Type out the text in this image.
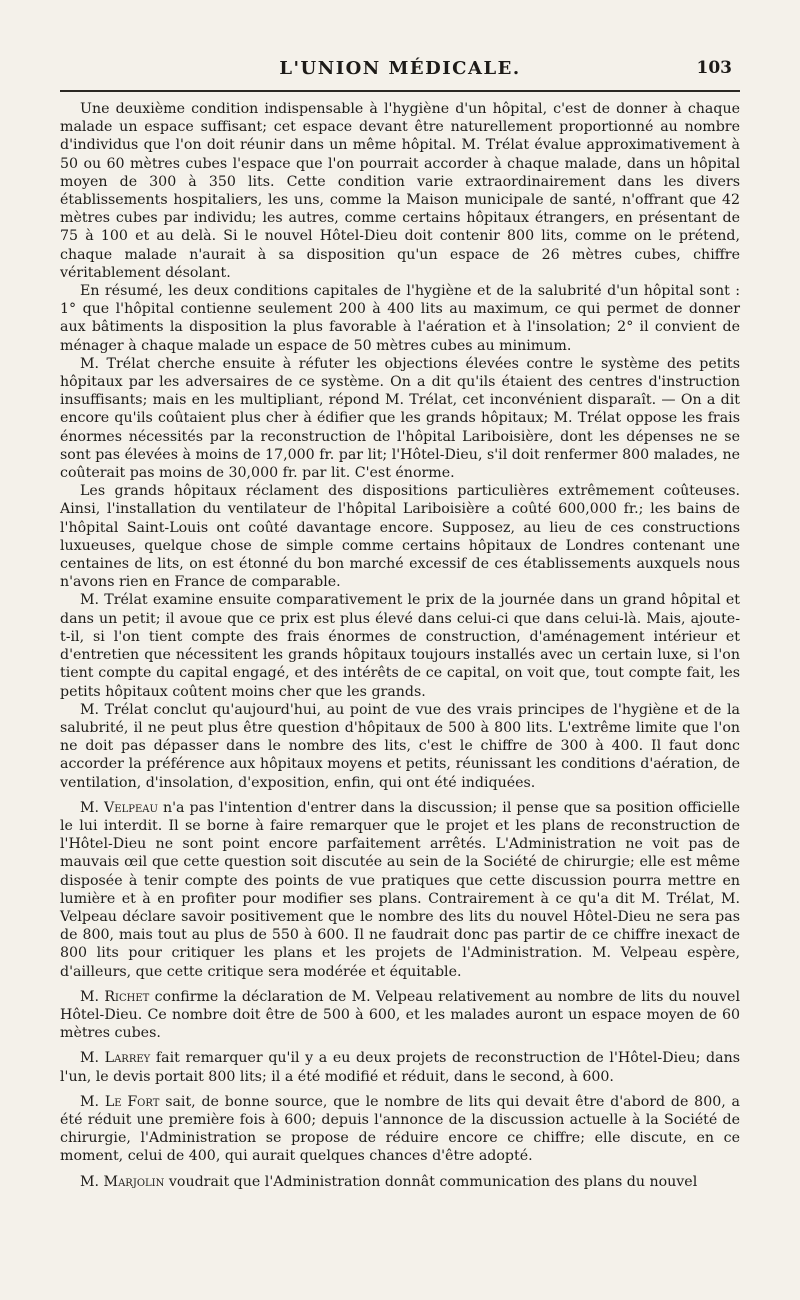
L'UNION MÉDICALE.	103

Une deuxième condition indispensable à l'hygiène d'un hôpital, c'est de donner à chaque malade un espace suffisant; cet espace devant être naturellement proportionné au nombre d'individus que l'on doit réunir dans un même hôpital. M. Trélat évalue approximativement à 50 ou 60 mètres cubes l'espace que l'on pourrait accorder à chaque malade, dans un hôpital moyen de 300 à 350 lits. Cette condition varie extraordinairement dans les divers établissements hospitaliers, les uns, comme la Maison municipale de santé, n'offrant que 42 mètres cubes par individu; les autres, comme certains hôpitaux étrangers, en présentant de 75 à 100 et au delà. Si le nouvel Hôtel-Dieu doit contenir 800 lits, comme on le prétend, chaque malade n'aurait à sa disposition qu'un espace de 26 mètres cubes, chiffre véritablement désolant.

En résumé, les deux conditions capitales de l'hygiène et de la salubrité d'un hôpital sont : 1° que l'hôpital contienne seulement 200 à 400 lits au maximum, ce qui permet de donner aux bâtiments la disposition la plus favorable à l'aération et à l'insolation; 2° il convient de ménager à chaque malade un espace de 50 mètres cubes au minimum.

M. Trélat cherche ensuite à réfuter les objections élevées contre le système des petits hôpitaux par les adversaires de ce système. On a dit qu'ils étaient des centres d'instruction insuffisants; mais en les multipliant, répond M. Trélat, cet inconvénient disparaît. — On a dit encore qu'ils coûtaient plus cher à édifier que les grands hôpitaux; M. Trélat oppose les frais énormes nécessités par la reconstruction de l'hôpital Lariboisière, dont les dépenses ne se sont pas élevées à moins de 17,000 fr. par lit; l'Hôtel-Dieu, s'il doit renfermer 800 malades, ne coûterait pas moins de 30,000 fr. par lit. C'est énorme.

Les grands hôpitaux réclament des dispositions particulières extrêmement coûteuses. Ainsi, l'installation du ventilateur de l'hôpital Lariboisière a coûté 600,000 fr.; les bains de l'hôpital Saint-Louis ont coûté davantage encore. Supposez, au lieu de ces constructions luxueuses, quelque chose de simple comme certains hôpitaux de Londres contenant une centaines de lits, on est étonné du bon marché excessif de ces établissements auxquels nous n'avons rien en France de comparable.

M. Trélat examine ensuite comparativement le prix de la journée dans un grand hôpital et dans un petit; il avoue que ce prix est plus élevé dans celui-ci que dans celui-là. Mais, ajoute-t-il, si l'on tient compte des frais énormes de construction, d'aménagement intérieur et d'entretien que nécessitent les grands hôpitaux toujours installés avec un certain luxe, si l'on tient compte du capital engagé, et des intérêts de ce capital, on voit que, tout compte fait, les petits hôpitaux coûtent moins cher que les grands.

M. Trélat conclut qu'aujourd'hui, au point de vue des vrais principes de l'hygiène et de la salubrité, il ne peut plus être question d'hôpitaux de 500 à 800 lits. L'extrême limite que l'on ne doit pas dépasser dans le nombre des lits, c'est le chiffre de 300 à 400. Il faut donc accorder la préférence aux hôpitaux moyens et petits, réunissant les conditions d'aération, de ventilation, d'insolation, d'exposition, enfin, qui ont été indiquées.

M. Velpeau n'a pas l'intention d'entrer dans la discussion; il pense que sa position officielle le lui interdit. Il se borne à faire remarquer que le projet et les plans de reconstruction de l'Hôtel-Dieu ne sont point encore parfaitement arrêtés. L'Administration ne voit pas de mauvais œil que cette question soit discutée au sein de la Société de chirurgie; elle est même disposée à tenir compte des points de vue pratiques que cette discussion pourra mettre en lumière et à en profiter pour modifier ses plans. Contrairement à ce qu'a dit M. Trélat, M. Velpeau déclare savoir positivement que le nombre des lits du nouvel Hôtel-Dieu ne sera pas de 800, mais tout au plus de 550 à 600. Il ne faudrait donc pas partir de ce chiffre inexact de 800 lits pour critiquer les plans et les projets de l'Administration. M. Velpeau espère, d'ailleurs, que cette critique sera modérée et équitable.

M. Richet confirme la déclaration de M. Velpeau relativement au nombre de lits du nouvel Hôtel-Dieu. Ce nombre doit être de 500 à 600, et les malades auront un espace moyen de 60 mètres cubes.

M. Larrey fait remarquer qu'il y a eu deux projets de reconstruction de l'Hôtel-Dieu; dans l'un, le devis portait 800 lits; il a été modifié et réduit, dans le second, à 600.

M. Le Fort sait, de bonne source, que le nombre de lits qui devait être d'abord de 800, a été réduit une première fois à 600; depuis l'annonce de la discussion actuelle à la Société de chirurgie, l'Administration se propose de réduire encore ce chiffre; elle discute, en ce moment, celui de 400, qui aurait quelques chances d'être adopté.

M. Marjolin voudrait que l'Administration donnât communication des plans du nouvel
